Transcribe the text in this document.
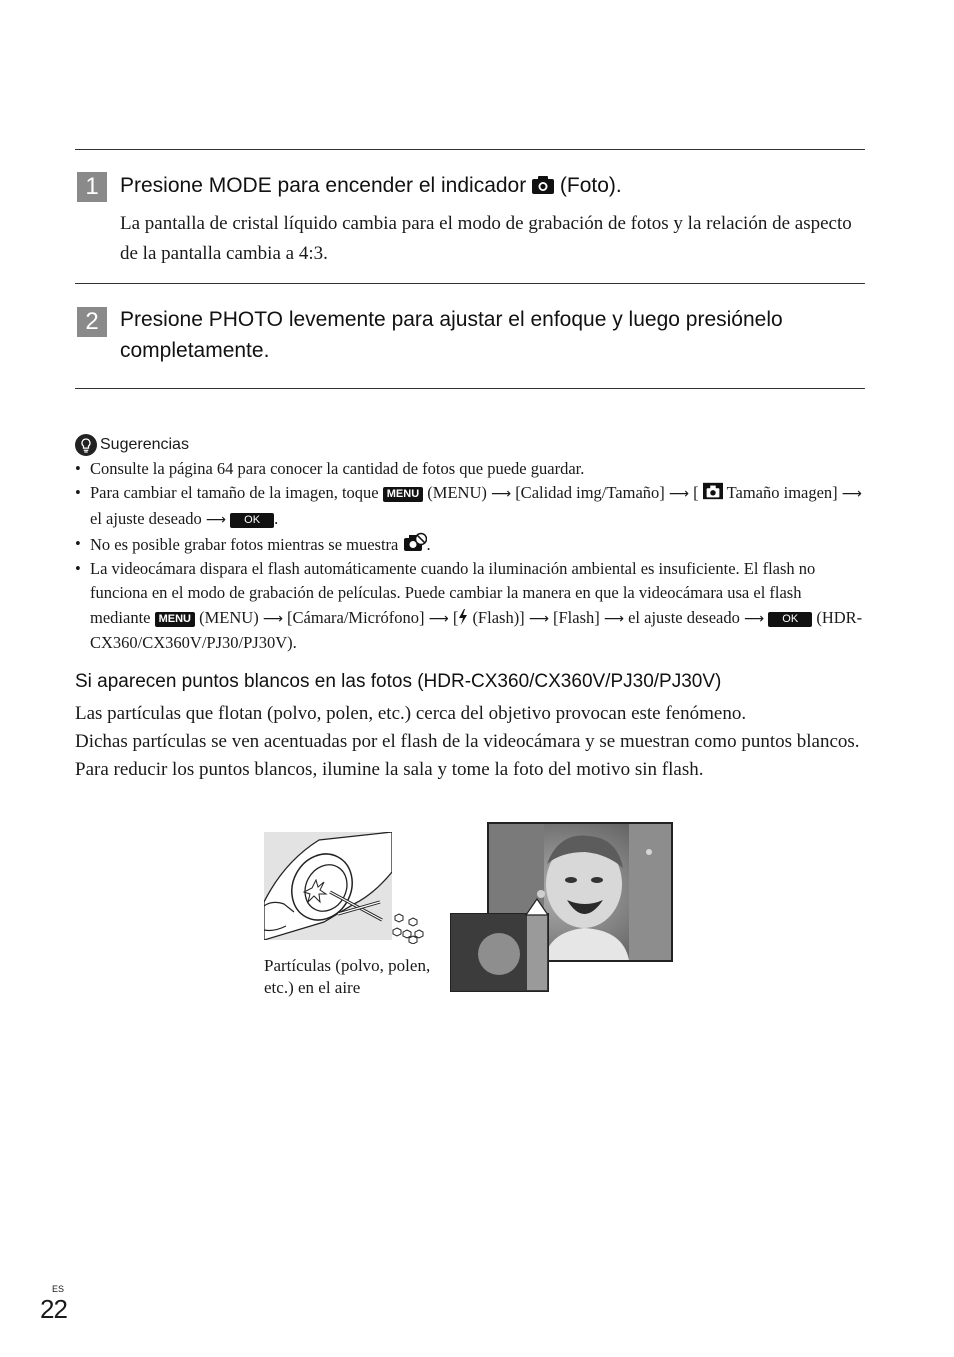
1	Presione MODE para encender el indicador (Foto).
La pantalla de cristal líquido cambia para el modo de grabación de fotos y la relación de aspecto de la pantalla cambia a 4:3.
2	Presione PHOTO levemente para ajustar el enfoque y luego presiónelo completamente.
Sugerencias
• Consulte la página 64 para conocer la cantidad de fotos que puede guardar.
• Para cambiar el tamaño de la imagen, toque MENU (MENU) ⟶ [Calidad img/Tamaño] ⟶ [ Tamaño imagen] ⟶ el ajuste deseado ⟶ OK .
• No es posible grabar fotos mientras se muestra .
• La videocámara dispara el flash automáticamente cuando la iluminación ambiental es insuficiente. El flash no funciona en el modo de grabación de películas. Puede cambiar la manera en que la videocámara usa el flash mediante MENU (MENU) ⟶ [Cámara/Micrófono] ⟶ [ (Flash)] ⟶ [Flash] ⟶ el ajuste deseado ⟶ OK (HDR-CX360/CX360V/PJ30/PJ30V).
Si aparecen puntos blancos en las fotos (HDR-CX360/CX360V/PJ30/PJ30V)

Las partículas que flotan (polvo, polen, etc.) cerca del objetivo provocan este fenómeno.

Dichas partículas se ven acentuadas por el flash de la videocámara y se muestran como puntos blancos.

Para reducir los puntos blancos, ilumine la sala y tome la foto del motivo sin flash.

Partículas (polvo, polen, etc.) en el aire
ES
22
